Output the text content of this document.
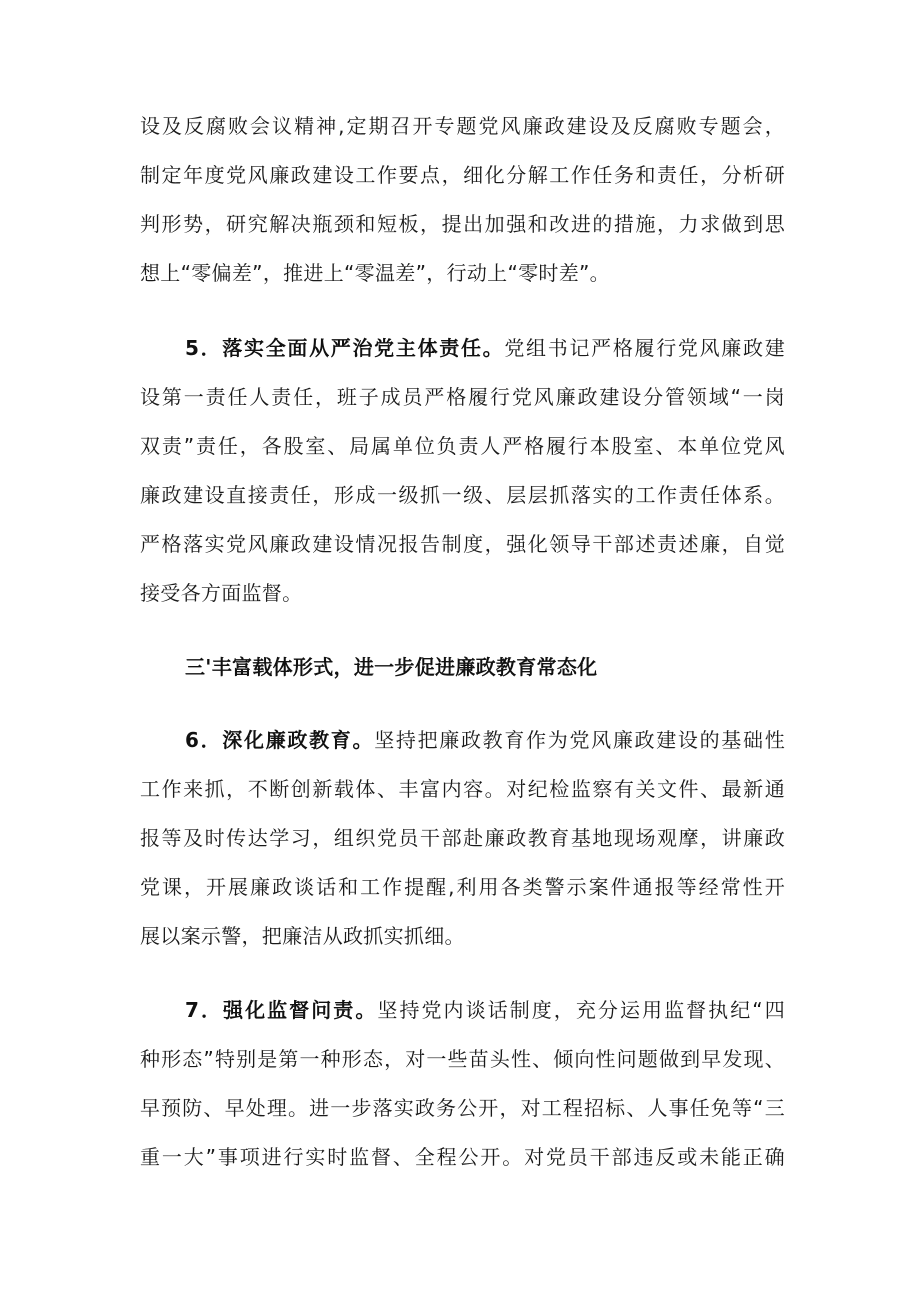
设及反腐败会议精神,定期召开专题党风廉政建设及反腐败专题会，
制定年度党风廉政建设工作要点，细化分解工作任务和责任，分析研
判形势，研究解决瓶颈和短板，提出加强和改进的措施，力求做到思
想上“零偏差”，推进上“零温差”，行动上“零时差”。
5．落实全面从严治党主体责任。党组书记严格履行党风廉政建
设第一责任人责任，班子成员严格履行党风廉政建设分管领域“一岗
双责”责任，各股室、局属单位负责人严格履行本股室、本单位党风
廉政建设直接责任，形成一级抓一级、层层抓落实的工作责任体系。
严格落实党风廉政建设情况报告制度，强化领导干部述责述廉，自觉
接受各方面监督。
三'丰富载体形式，进一步促进廉政教育常态化
6．深化廉政教育。坚持把廉政教育作为党风廉政建设的基础性
工作来抓，不断创新载体、丰富内容。对纪检监察有关文件、最新通
报等及时传达学习，组织党员干部赴廉政教育基地现场观摩，讲廉政
党课，开展廉政谈话和工作提醒,利用各类警示案件通报等经常性开
展以案示警，把廉洁从政抓实抓细。
7．强化监督问责。坚持党内谈话制度，充分运用监督执纪“四
种形态”特别是第一种形态，对一些苗头性、倾向性问题做到早发现、
早预防、早处理。进一步落实政务公开，对工程招标、人事任免等“三
重一大”事项进行实时监督、全程公开。对党员干部违反或未能正确
